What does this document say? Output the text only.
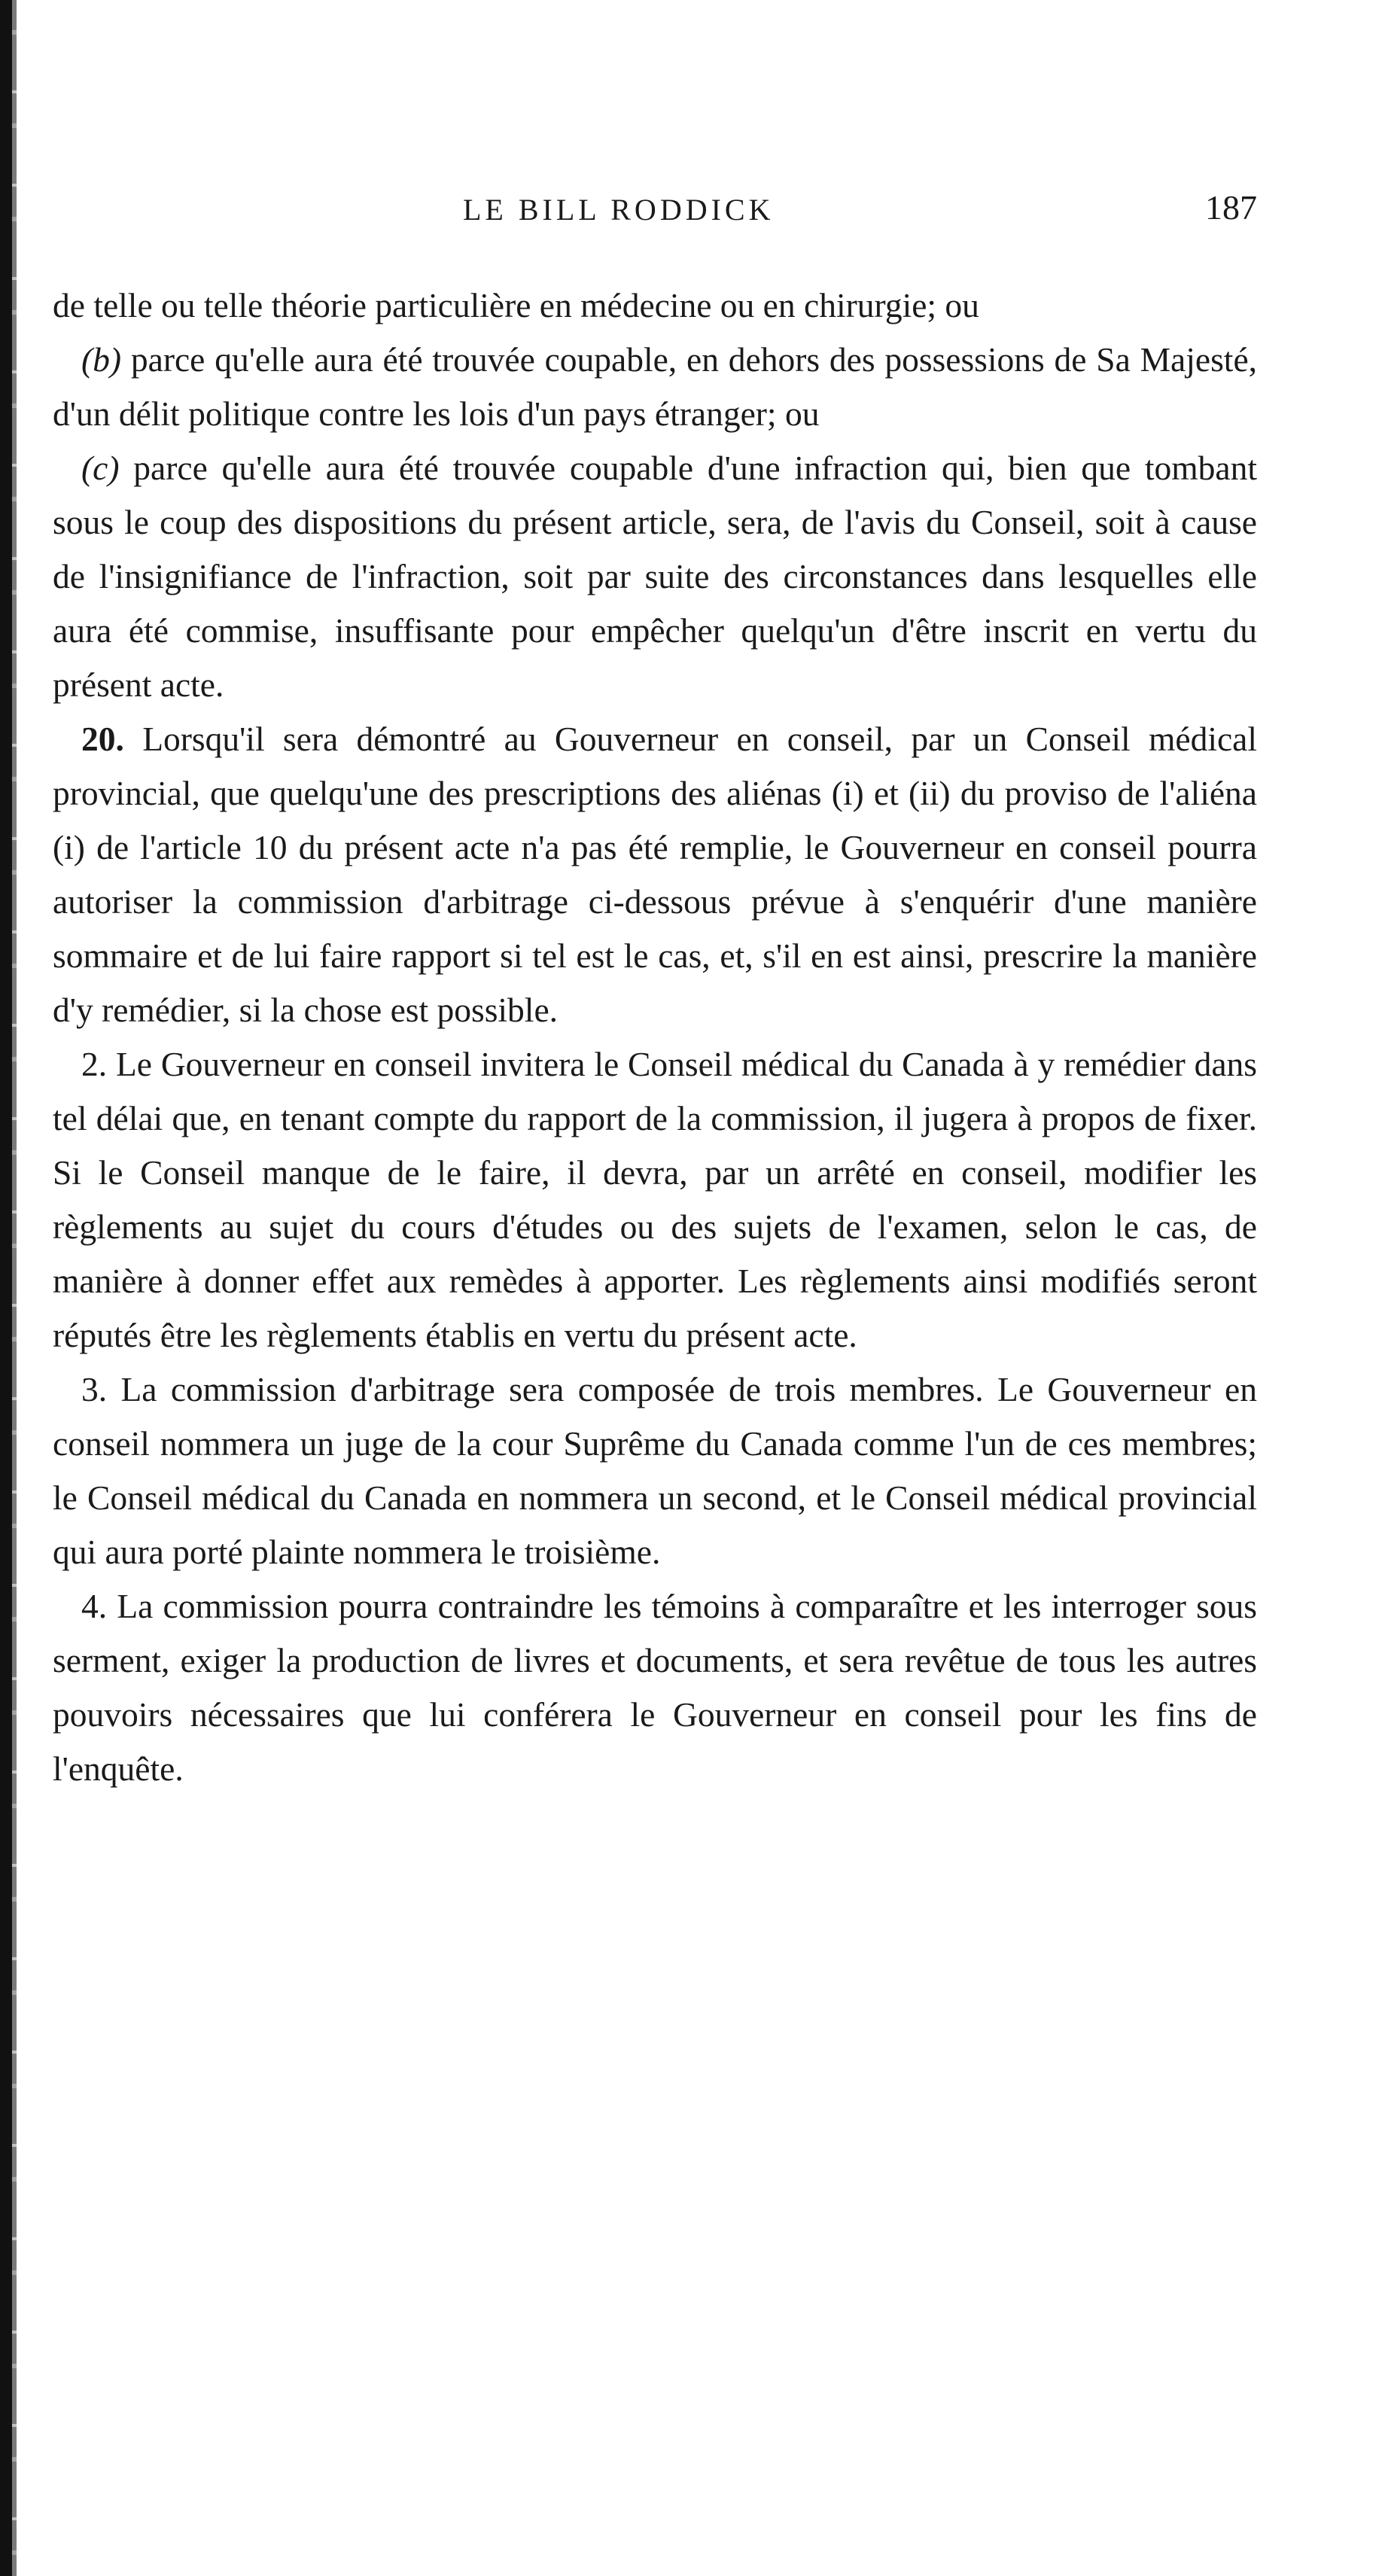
LE BILL RODDICK	187

de telle ou telle théorie particulière en médecine ou en chirurgie; ou

(b) parce qu'elle aura été trouvée coupable, en dehors des possessions de Sa Majesté, d'un délit politique contre les lois d'un pays étranger; ou

(c) parce qu'elle aura été trouvée coupable d'une infraction qui, bien que tombant sous le coup des dispositions du présent article, sera, de l'avis du Conseil, soit à cause de l'insignifiance de l'infraction, soit par suite des circonstances dans lesquelles elle aura été commise, insuffisante pour empêcher quelqu'un d'être inscrit en vertu du présent acte.

20. Lorsqu'il sera démontré au Gouverneur en conseil, par un Conseil médical provincial, que quelqu'une des prescriptions des aliénas (i) et (ii) du proviso de l'aliéna (i) de l'article 10 du présent acte n'a pas été remplie, le Gouverneur en conseil pourra autoriser la commission d'arbitrage ci-dessous prévue à s'enquérir d'une manière sommaire et de lui faire rapport si tel est le cas, et, s'il en est ainsi, prescrire la manière d'y remédier, si la chose est possible.

2. Le Gouverneur en conseil invitera le Conseil médical du Canada à y remédier dans tel délai que, en tenant compte du rapport de la commission, il jugera à propos de fixer. Si le Conseil manque de le faire, il devra, par un arrêté en conseil, modifier les règlements au sujet du cours d'études ou des sujets de l'examen, selon le cas, de manière à donner effet aux remèdes à apporter. Les règlements ainsi modifiés seront réputés être les règlements établis en vertu du présent acte.

3. La commission d'arbitrage sera composée de trois membres. Le Gouverneur en conseil nommera un juge de la cour Suprême du Canada comme l'un de ces membres; le Conseil médical du Canada en nommera un second, et le Conseil médical provincial qui aura porté plainte nommera le troisième.

4. La commission pourra contraindre les témoins à comparaître et les interroger sous serment, exiger la production de livres et documents, et sera revêtue de tous les autres pouvoirs nécessaires que lui conférera le Gouverneur en conseil pour les fins de l'enquête.
